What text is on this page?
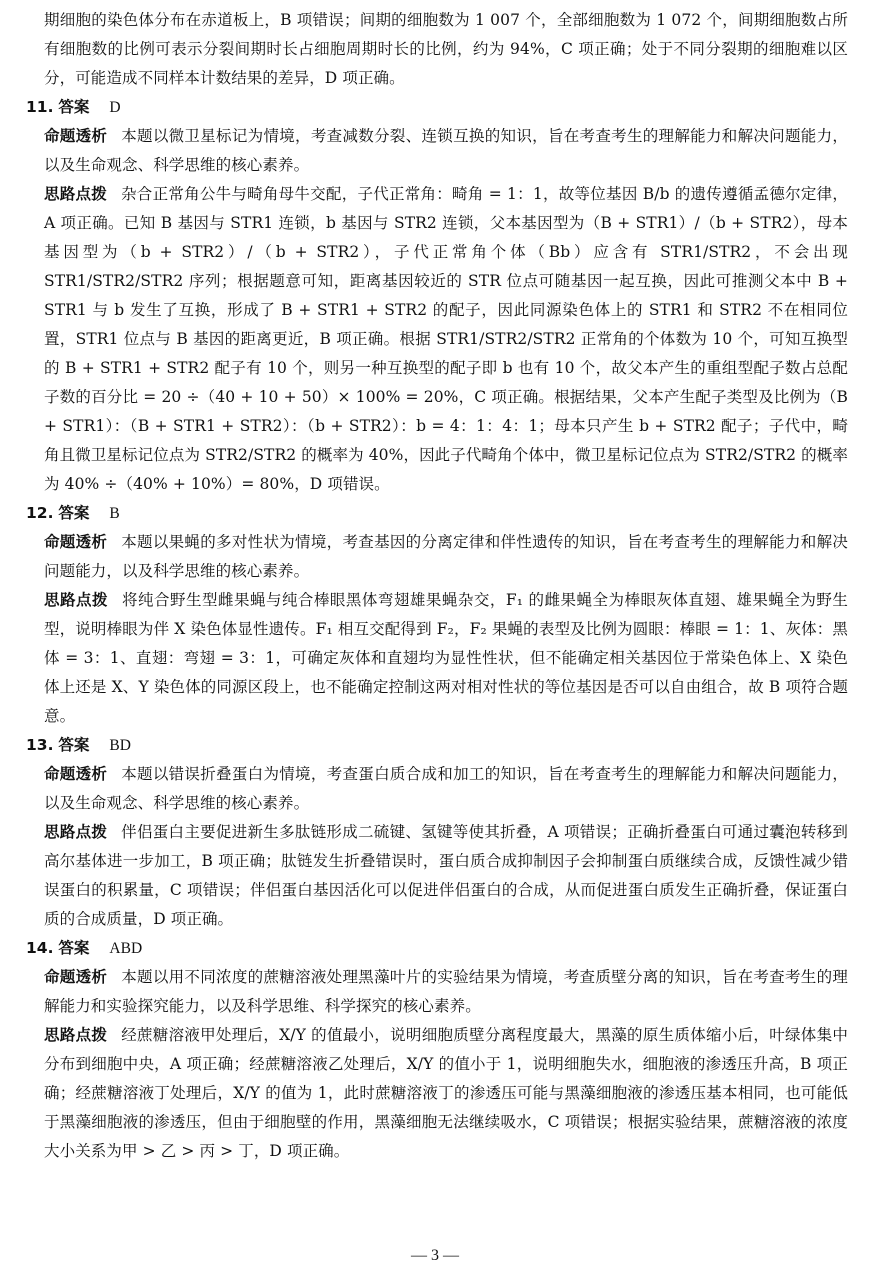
期细胞的染色体分布在赤道板上，B 项错误；间期的细胞数为 1 007 个，全部细胞数为 1 072 个，间期细胞数占所有细胞数的比例可表示分裂间期时长占细胞周期时长的比例，约为 94%，C 项正确；处于不同分裂期的细胞难以区分，可能造成不同样本计数结果的差异，D 项正确。

11. 答案 D

命题透析 本题以微卫星标记为情境，考查减数分裂、连锁互换的知识，旨在考查考生的理解能力和解决问题能力，以及生命观念、科学思维的核心素养。

思路点拨 杂合正常角公牛与畸角母牛交配，子代正常角：畸角 = 1：1，故等位基因 B/b 的遗传遵循孟德尔定律，A 项正确。已知 B 基因与 STR1 连锁，b 基因与 STR2 连锁，父本基因型为（B + STR1）/（b + STR2），母本基因型为（b + STR2）/（b + STR2），子代正常角个体（Bb）应含有 STR1/STR2，不会出现 STR1/STR2/STR2 序列；根据题意可知，距离基因较近的 STR 位点可随基因一起互换，因此可推测父本中 B + STR1 与 b 发生了互换，形成了 B + STR1 + STR2 的配子，因此同源染色体上的 STR1 和 STR2 不在相同位置，STR1 位点与 B 基因的距离更近，B 项正确。根据 STR1/STR2/STR2 正常角的个体数为 10 个，可知互换型的 B + STR1 + STR2 配子有 10 个，则另一种互换型的配子即 b 也有 10 个，故父本产生的重组型配子数占总配子数的百分比 = 20 ÷（40 + 10 + 50）× 100% = 20%，C 项正确。根据结果，父本产生配子类型及比例为（B + STR1）：（B + STR1 + STR2）：（b + STR2）：b = 4：1：4：1；母本只产生 b + STR2 配子；子代中，畸角且微卫星标记位点为 STR2/STR2 的概率为 40%，因此子代畸角个体中，微卫星标记位点为 STR2/STR2 的概率为 40% ÷（40% + 10%）= 80%，D 项错误。

12. 答案 B

命题透析 本题以果蝇的多对性状为情境，考查基因的分离定律和伴性遗传的知识，旨在考查考生的理解能力和解决问题能力，以及科学思维的核心素养。

思路点拨 将纯合野生型雌果蝇与纯合棒眼黑体弯翅雄果蝇杂交，F₁ 的雌果蝇全为棒眼灰体直翅、雄果蝇全为野生型，说明棒眼为伴 X 染色体显性遗传。F₁ 相互交配得到 F₂，F₂ 果蝇的表型及比例为圆眼：棒眼 = 1：1、灰体：黑体 = 3：1、直翅：弯翅 = 3：1，可确定灰体和直翅均为显性性状，但不能确定相关基因位于常染色体上、X 染色体上还是 X、Y 染色体的同源区段上，也不能确定控制这两对相对性状的等位基因是否可以自由组合，故 B 项符合题意。

13. 答案 BD

命题透析 本题以错误折叠蛋白为情境，考查蛋白质合成和加工的知识，旨在考查考生的理解能力和解决问题能力，以及生命观念、科学思维的核心素养。

思路点拨 伴侣蛋白主要促进新生多肽链形成二硫键、氢键等使其折叠，A 项错误；正确折叠蛋白可通过囊泡转移到高尔基体进一步加工，B 项正确；肽链发生折叠错误时，蛋白质合成抑制因子会抑制蛋白质继续合成，反馈性减少错误蛋白的积累量，C 项错误；伴侣蛋白基因活化可以促进伴侣蛋白的合成，从而促进蛋白质发生正确折叠，保证蛋白质的合成质量，D 项正确。

14. 答案 ABD

命题透析 本题以用不同浓度的蔗糖溶液处理黑藻叶片的实验结果为情境，考查质壁分离的知识，旨在考查考生的理解能力和实验探究能力，以及科学思维、科学探究的核心素养。

思路点拨 经蔗糖溶液甲处理后，X/Y 的值最小，说明细胞质壁分离程度最大，黑藻的原生质体缩小后，叶绿体集中分布到细胞中央，A 项正确；经蔗糖溶液乙处理后，X/Y 的值小于 1，说明细胞失水，细胞液的渗透压升高，B 项正确；经蔗糖溶液丁处理后，X/Y 的值为 1，此时蔗糖溶液丁的渗透压可能与黑藻细胞液的渗透压基本相同，也可能低于黑藻细胞液的渗透压，但由于细胞壁的作用，黑藻细胞无法继续吸水，C 项错误；根据实验结果，蔗糖溶液的浓度大小关系为甲 > 乙 > 丙 > 丁，D 项正确。

— 3 —
